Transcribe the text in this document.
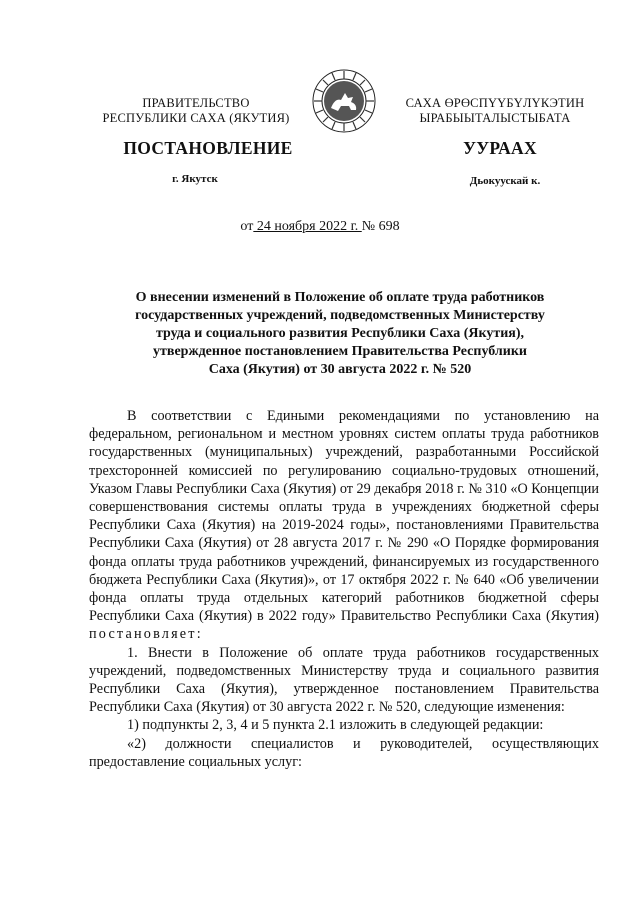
ПРАВИТЕЛЬСТВО
РЕСПУБЛИКИ САХА (ЯКУТИЯ)
САХА ӨРӨСПҮҮБҮЛҮКЭТИН
ЫРАБЫЫТАЛЫСТЫБАТА
ПОСТАНОВЛЕНИЕ	УУРААХ
г. Якутск	Дьокуускай к.
от 24 ноября 2022 г. № 698
О внесении изменений в Положение об оплате труда работников
государственных учреждений, подведомственных Министерству
труда и социального развития Республики Саха (Якутия),
утвержденное постановлением Правительства Республики
Саха (Якутия) от 30 августа 2022 г. № 520

В соответствии с Едиными рекомендациями по установлению на федеральном, региональном и местном уровнях систем оплаты труда работников государственных (муниципальных) учреждений, разработанными Российской трехсторонней комиссией по регулированию социально-трудовых отношений, Указом Главы Республики Саха (Якутия) от 29 декабря 2018 г. № 310 «О Концепции совершенствования системы оплаты труда в учреждениях бюджетной сферы Республики Саха (Якутия) на 2019-2024 годы», постановлениями Правительства Республики Саха (Якутия) от 28 августа 2017 г. № 290 «О Порядке формирования фонда оплаты труда работников учреждений, финансируемых из государственного бюджета Республики Саха (Якутия)», от 17 октября 2022 г. № 640 «Об увеличении фонда оплаты труда отдельных категорий работников бюджетной сферы Республики Саха (Якутия) в 2022 году» Правительство Республики Саха (Якутия) постановляет:

1. Внести в Положение об оплате труда работников государственных учреждений, подведомственных Министерству труда и социального развития Республики Саха (Якутия), утвержденное постановлением Правительства Республики Саха (Якутия) от 30 августа 2022 г. № 520, следующие изменения:

1) подпункты 2, 3, 4 и 5 пункта 2.1 изложить в следующей редакции:

«2) должности специалистов и руководителей, осуществляющих предоставление социальных услуг:
